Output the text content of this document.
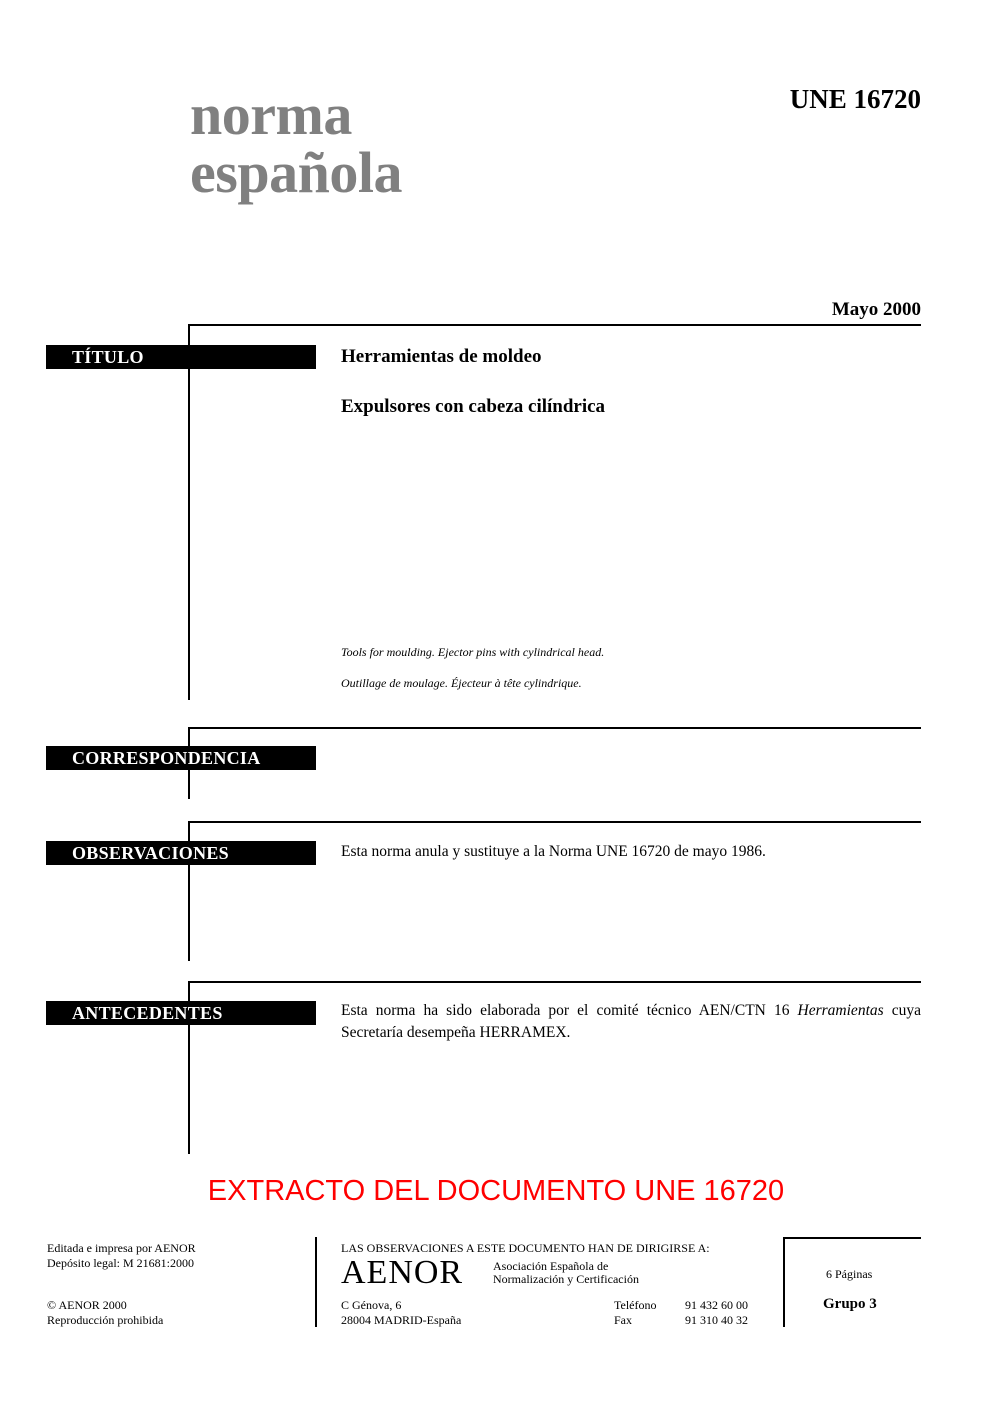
norma
española
UNE 16720
Mayo 2000
TÍTULO	Herramientas de moldeo
Expulsores con cabeza cilíndrica
Tools for moulding. Ejector pins with cylindrical head.
Outillage de moulage. Éjecteur à tête cylindrique.
CORRESPONDENCIA
OBSERVACIONES	Esta norma anula y sustituye a la Norma UNE 16720 de mayo 1986.
ANTECEDENTES	Esta norma ha sido elaborada por el comité técnico AEN/CTN 16 Herramientas cuya Secretaría desempeña HERRAMEX.
EXTRACTO DEL DOCUMENTO UNE 16720
Editada e impresa por AENOR
Depósito legal: M 21681:2000
© AENOR 2000
Reproducción prohibida
LAS OBSERVACIONES A ESTE DOCUMENTO HAN DE DIRIGIRSE A:
AENOR Asociación Española de
Normalización y Certificación
C Génova, 6
28004 MADRID-España
Teléfono 91 432 60 00
Fax	91 310 40 32
6 Páginas
Grupo 3
